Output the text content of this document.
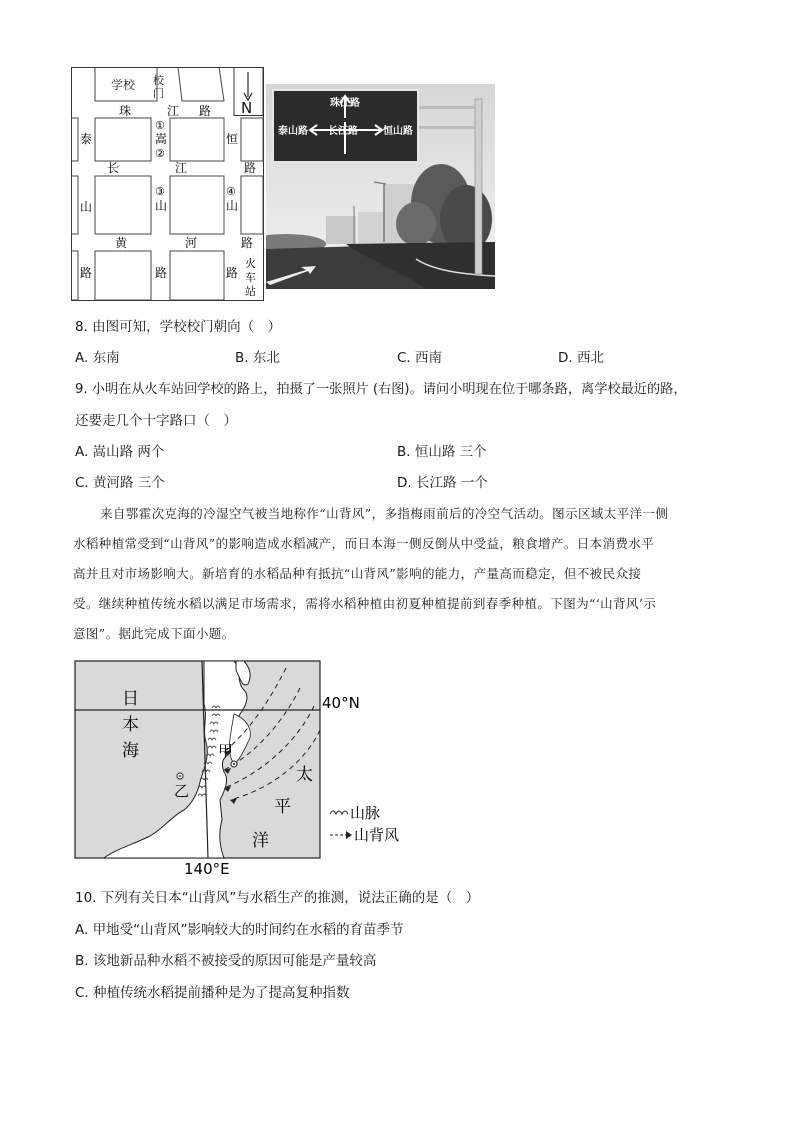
N
学校 校
门
珠	江 路
长	江	路
黄	河	路
泰
山
路
①
嵩
②
③
山
路
恒
④
山
路
火
车
站
珠江路
泰山路 长江路	恒山路
8. 由图可知，学校校门朝向（　）
A. 东南	B. 东北	C. 西南	D. 西北
9. 小明在从火车站回学校的路上，拍摄了一张照片 (右图)。请问小明现在位于哪条路，离学校最近的路，
还要走几个十字路口（　）
A. 嵩山路 两个	B. 恒山路 三个
C. 黄河路 三个	D. 长江路 一个
来自鄂霍次克海的冷湿空气被当地称作“山背风”，多指梅雨前后的冷空气活动。图示区域太平洋一侧
水稻种植常受到“山背风”的影响造成水稻减产，而日本海一侧反倒从中受益，粮食增产。日本消费水平
高并且对市场影响大。新培育的水稻品种有抵抗“山背风”影响的能力，产量高而稳定，但不被民众接
受。继续种植传统水稻以满足市场需求，需将水稻种植由初夏种植提前到春季种植。下图为“‘山背风’示
意图”。据此完成下面小题。
日
本
海
太
平
洋
甲
乙
40°N
140°E
山脉
山背风
10. 下列有关日本“山背风”与水稻生产的推测，说法正确的是（　）
A. 甲地受“山背风”影响较大的时间约在水稻的育苗季节
B. 该地新品种水稻不被接受的原因可能是产量较高
C. 种植传统水稻提前播种是为了提高复种指数
